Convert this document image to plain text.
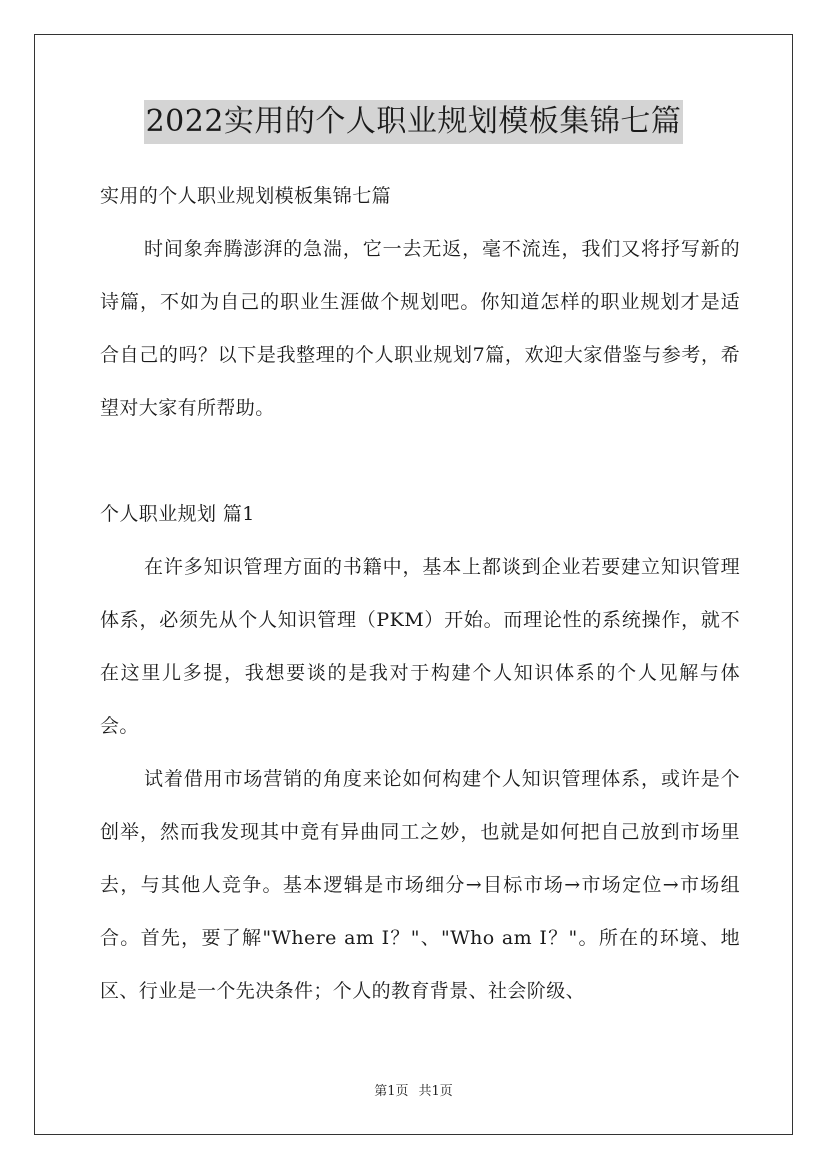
2022实用的个人职业规划模板集锦七篇

实用的个人职业规划模板集锦七篇

时间象奔腾澎湃的急湍，它一去无返，毫不流连，我们又将抒写新的诗篇，不如为自己的职业生涯做个规划吧。你知道怎样的职业规划才是适合自己的吗？以下是我整理的个人职业规划7篇，欢迎大家借鉴与参考，希望对大家有所帮助。

个人职业规划 篇1

在许多知识管理方面的书籍中，基本上都谈到企业若要建立知识管理体系，必须先从个人知识管理（PKM）开始。而理论性的系统操作，就不在这里儿多提，我想要谈的是我对于构建个人知识体系的个人见解与体会。

试着借用市场营销的角度来论如何构建个人知识管理体系，或许是个创举，然而我发现其中竟有异曲同工之妙，也就是如何把自己放到市场里去，与其他人竞争。基本逻辑是市场细分→目标市场→市场定位→市场组合。首先，要了解"Where am I？"、"Who am I？"。所在的环境、地区、行业是一个先决条件；个人的教育背景、社会阶级、

第1页 共1页
